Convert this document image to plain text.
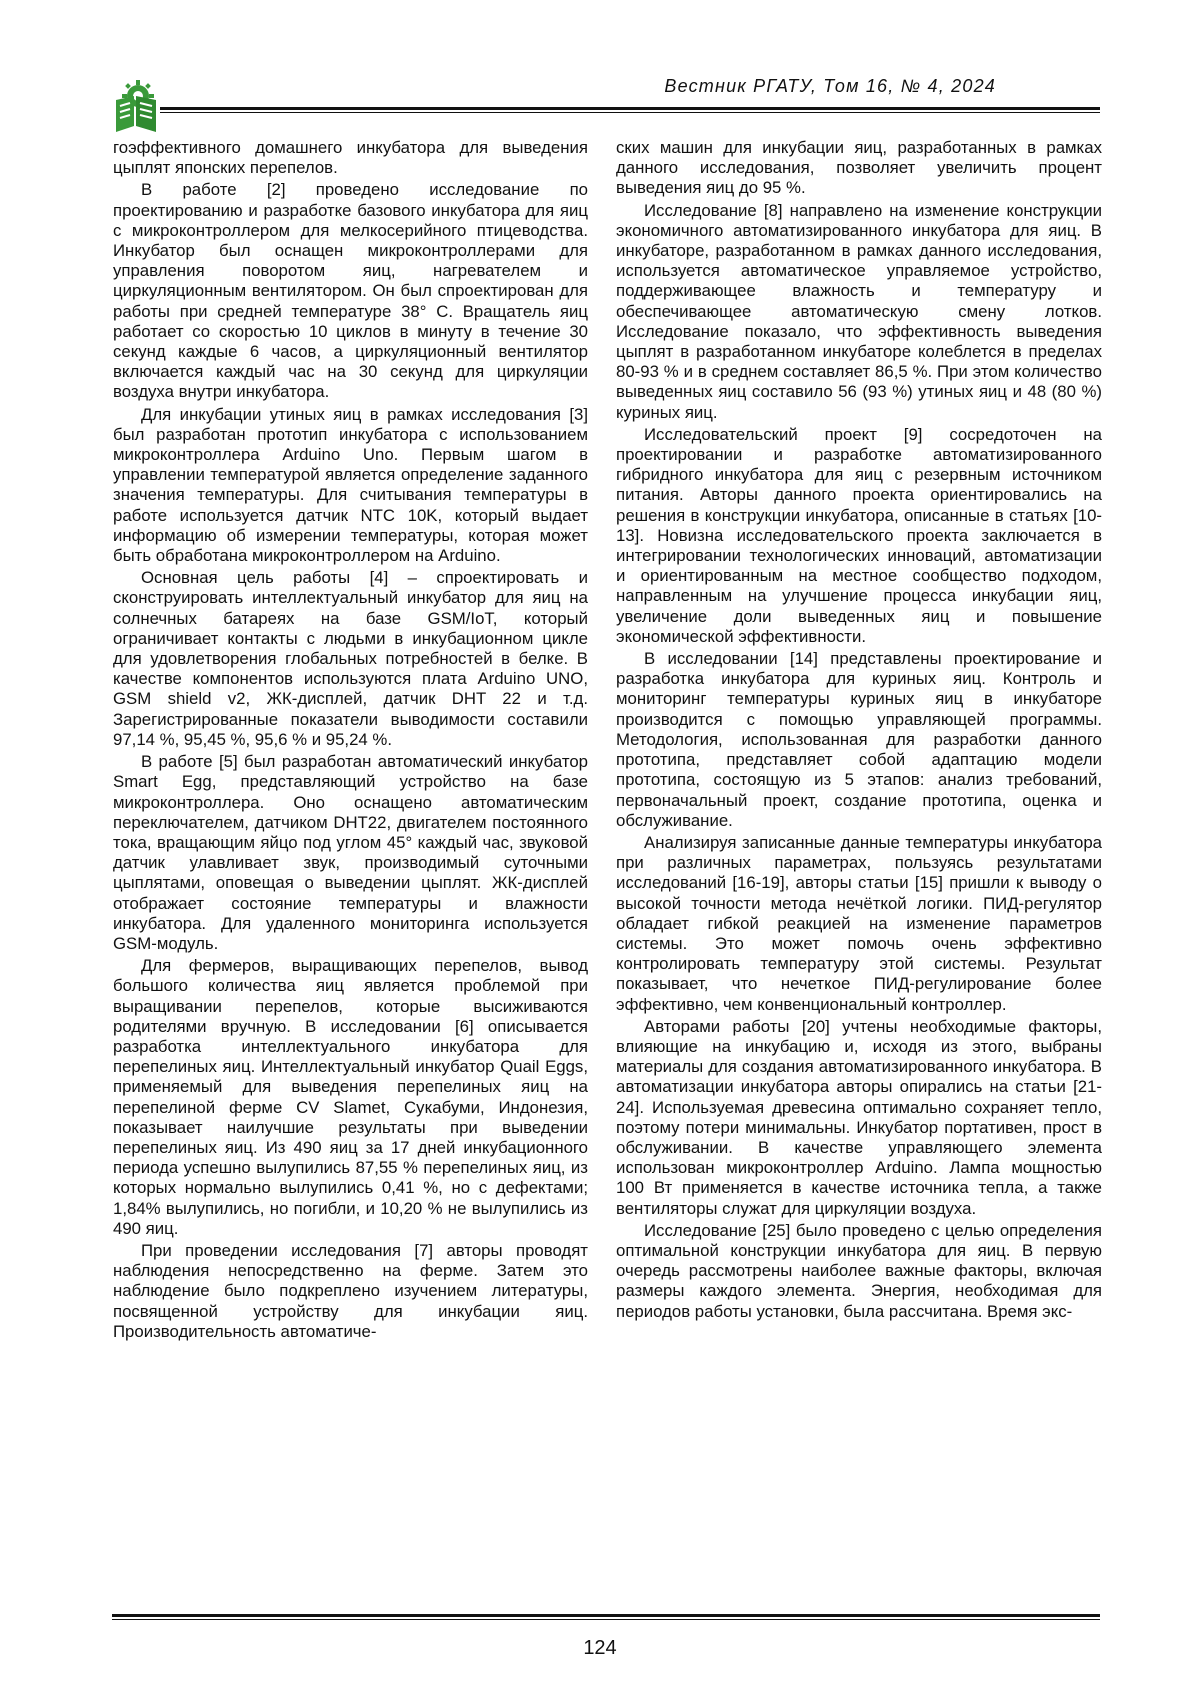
Вестник РГАТУ, Том 16, № 4, 2024

гоэффективного домашнего инкубатора для выведения цыплят японских перепелов.

В работе [2] проведено исследование по проектированию и разработке базового инкубатора для яиц с микроконтроллером для мелкосерийного птицеводства. Инкубатор был оснащен микроконтроллерами для управления поворотом яиц, нагревателем и циркуляционным вентилятором. Он был спроектирован для работы при средней температуре 38° С. Вращатель яиц работает со скоростью 10 циклов в минуту в течение 30 секунд каждые 6 часов, а циркуляционный вентилятор включается каждый час на 30 секунд для циркуляции воздуха внутри инкубатора.

Для инкубации утиных яиц в рамках исследования [3] был разработан прототип инкубатора с использованием микроконтроллера Arduino Uno. Первым шагом в управлении температурой является определение заданного значения температуры. Для считывания температуры в работе используется датчик NTC 10K, который выдает информацию об измерении температуры, которая может быть обработана микроконтроллером на Arduino.

Основная цель работы [4] – спроектировать и сконструировать интеллектуальный инкубатор для яиц на солнечных батареях на базе GSM/IoT, который ограничивает контакты с людьми в инкубационном цикле для удовлетворения глобальных потребностей в белке. В качестве компонентов используются плата Arduino UNO, GSM shield v2, ЖК-дисплей, датчик DHT 22 и т.д. Зарегистрированные показатели выводимости составили 97,14 %, 95,45 %, 95,6 % и 95,24 %.

В работе [5] был разработан автоматический инкубатор Smart Egg, представляющий устройство на базе микроконтроллера. Оно оснащено автоматическим переключателем, датчиком DHT22, двигателем постоянного тока, вращающим яйцо под углом 45° каждый час, звуковой датчик улавливает звук, производимый суточными цыплятами, оповещая о выведении цыплят. ЖК-дисплей отображает состояние температуры и влажности инкубатора. Для удаленного мониторинга используется GSM-модуль.

Для фермеров, выращивающих перепелов, вывод большого количества яиц является проблемой при выращивании перепелов, которые высиживаются родителями вручную. В исследовании [6] описывается разработка интеллектуального инкубатора для перепелиных яиц. Интеллектуальный инкубатор Quail Eggs, применяемый для выведения перепелиных яиц на перепелиной ферме CV Slamet, Сукабуми, Индонезия, показывает наилучшие результаты при выведении перепелиных яиц. Из 490 яиц за 17 дней инкубационного периода успешно вылупились 87,55 % перепелиных яиц, из которых нормально вылупились 0,41 %, но с дефектами; 1,84% вылупились, но погибли, и 10,20 % не вылупились из 490 яиц.

При проведении исследования [7] авторы проводят наблюдения непосредственно на ферме. Затем это наблюдение было подкреплено изучением литературы, посвященной устройству для инкубации яиц. Производительность автоматиче-

ских машин для инкубации яиц, разработанных в рамках данного исследования, позволяет увеличить процент выведения яиц до 95 %.

Исследование [8] направлено на изменение конструкции экономичного автоматизированного инкубатора для яиц. В инкубаторе, разработанном в рамках данного исследования, используется автоматическое управляемое устройство, поддерживающее влажность и температуру и обеспечивающее автоматическую смену лотков. Исследование показало, что эффективность выведения цыплят в разработанном инкубаторе колеблется в пределах 80-93 % и в среднем составляет 86,5 %. При этом количество выведенных яиц составило 56 (93 %) утиных яиц и 48 (80 %) куриных яиц.

Исследовательский проект [9] сосредоточен на проектировании и разработке автоматизированного гибридного инкубатора для яиц с резервным источником питания. Авторы данного проекта ориентировались на решения в конструкции инкубатора, описанные в статьях [10-13]. Новизна исследовательского проекта заключается в интегрировании технологических инноваций, автоматизации и ориентированным на местное сообщество подходом, направленным на улучшение процесса инкубации яиц, увеличение доли выведенных яиц и повышение экономической эффективности.

В исследовании [14] представлены проектирование и разработка инкубатора для куриных яиц. Контроль и мониторинг температуры куриных яиц в инкубаторе производится с помощью управляющей программы. Методология, использованная для разработки данного прототипа, представляет собой адаптацию модели прототипа, состоящую из 5 этапов: анализ требований, первоначальный проект, создание прототипа, оценка и обслуживание.

Анализируя записанные данные температуры инкубатора при различных параметрах, пользуясь результатами исследований [16-19], авторы статьи [15] пришли к выводу о высокой точности метода нечёткой логики. ПИД-регулятор обладает гибкой реакцией на изменение параметров системы. Это может помочь очень эффективно контролировать температуру этой системы. Результат показывает, что нечеткое ПИД-регулирование более эффективно, чем конвенциональный контроллер.

Авторами работы [20] учтены необходимые факторы, влияющие на инкубацию и, исходя из этого, выбраны материалы для создания автоматизированного инкубатора. В автоматизации инкубатора авторы опирались на статьи [21-24]. Используемая древесина оптимально сохраняет тепло, поэтому потери минимальны. Инкубатор портативен, прост в обслуживании. В качестве управляющего элемента использован микроконтроллер Arduino. Лампа мощностью 100 Вт применяется в качестве источника тепла, а также вентиляторы служат для циркуляции воздуха.

Исследование [25] было проведено с целью определения оптимальной конструкции инкубатора для яиц. В первую очередь рассмотрены наиболее важные факторы, включая размеры каждого элемента. Энергия, необходимая для периодов работы установки, была рассчитана. Время экс-

124
